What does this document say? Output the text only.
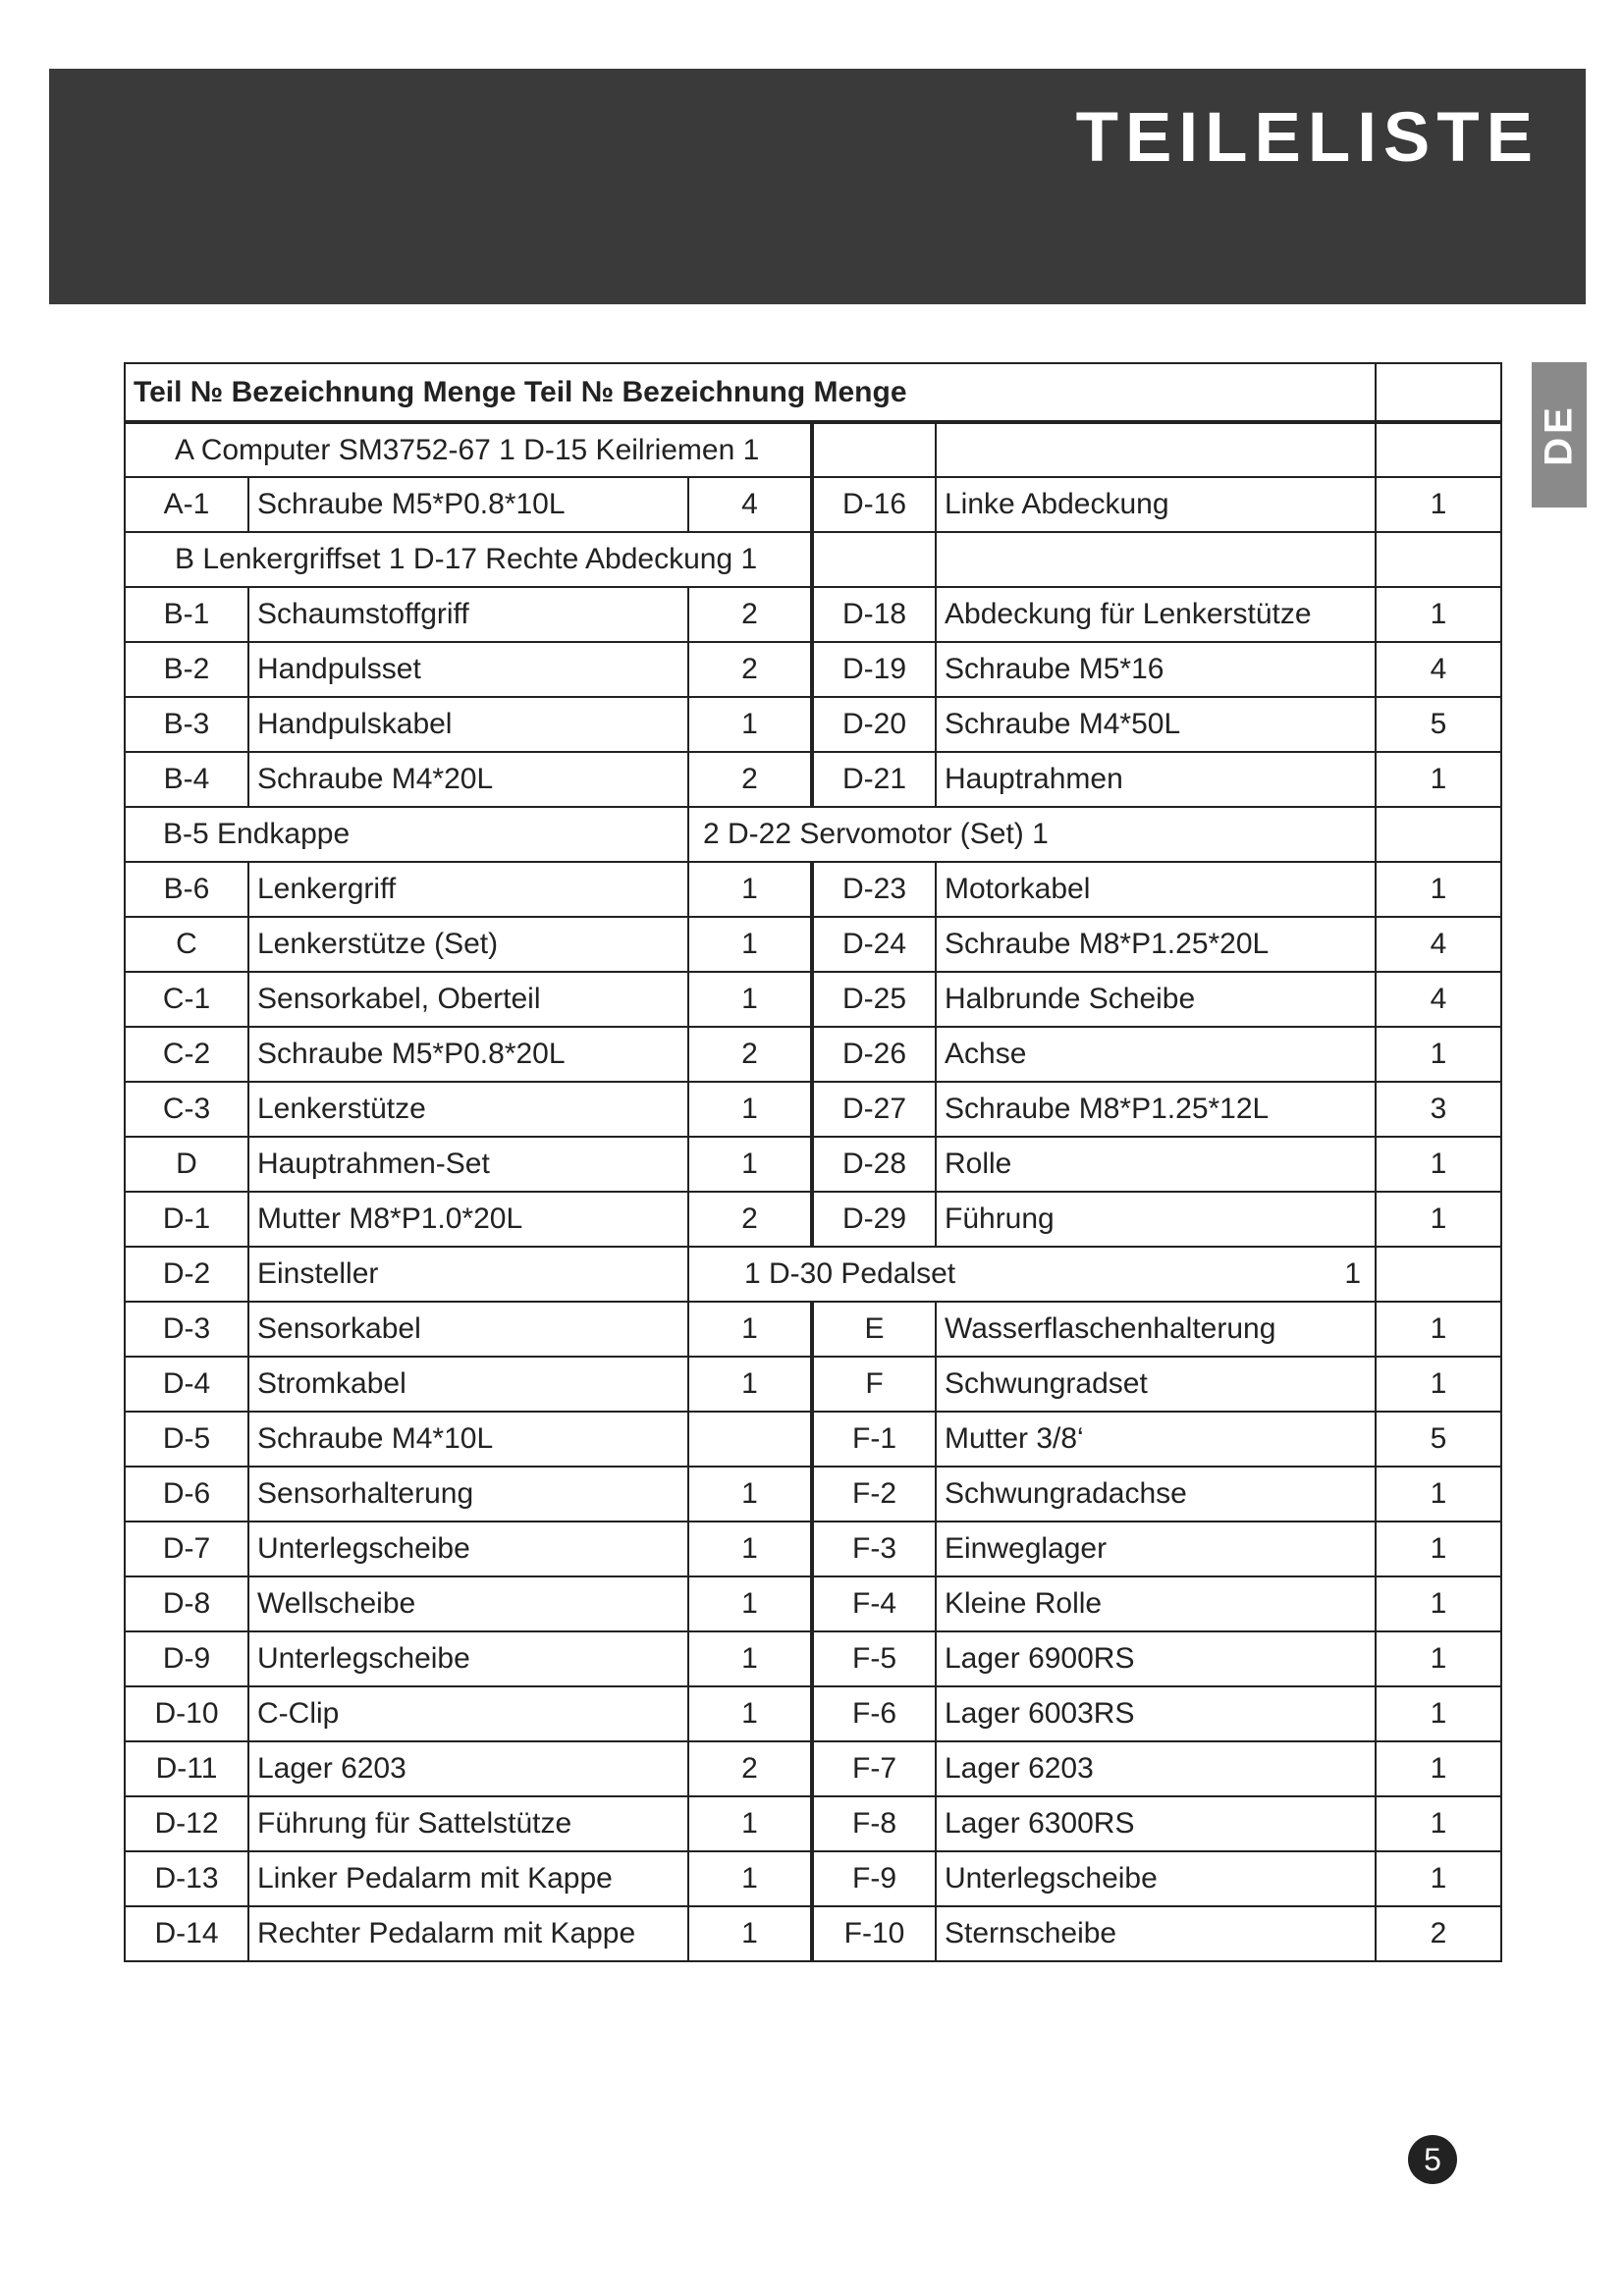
TEILELISTE
DE
Teil № Bezeichnung Menge Teil № Bezeichnung Menge					
A Computer SM3752-67 1 D-15 Keilriemen 1					
A-1	Schraube M5*P0.8*10L	4	D-16	Linke Abdeckung	1
B Lenkergriffset 1 D-17 Rechte Abdeckung 1					
B-1	Schaumstoffgriff	2	D-18	Abdeckung für Lenkerstütze	1
B-2	Handpulsset	2	D-19	Schraube M5*16	4
B-3	Handpulskabel	1	D-20	Schraube M4*50L	5
B-4	Schraube M4*20L	2	D-21	Hauptrahmen	1
B-5 Endkappe		2 D-22 Servomotor (Set) 1			
B-6	Lenkergriff	1	D-23	Motorkabel	1
C	Lenkerstütze (Set)	1	D-24	Schraube M8*P1.25*20L	4
C-1	Sensorkabel, Oberteil	1	D-25	Halbrunde Scheibe	4
C-2	Schraube M5*P0.8*20L	2	D-26	Achse	1
C-3	Lenkerstütze	1	D-27	Schraube M8*P1.25*12L	3
D	Hauptrahmen-Set	1	D-28	Rolle	1
D-1	Mutter M8*P1.0*20L	2	D-29	Führung	1
D-2	Einsteller	1 D-30 Pedalset 1			

D-3	Sensorkabel	1	E	Wasserflaschenhalterung	1
D-4	Stromkabel	1	F	Schwungradset	1
D-5	Schraube M4*10L		F-1	Mutter 3/8‘	5
D-6	Sensorhalterung	1	F-2	Schwungradachse	1
D-7	Unterlegscheibe	1	F-3	Einweglager	1
D-8	Wellscheibe	1	F-4	Kleine Rolle	1
D-9	Unterlegscheibe	1	F-5	Lager 6900RS	1
D-10	C-Clip	1	F-6	Lager 6003RS	1
D-11	Lager 6203	2	F-7	Lager 6203	1
D-12	Führung für Sattelstütze	1	F-8	Lager 6300RS	1
D-13	Linker Pedalarm mit Kappe	1	F-9	Unterlegscheibe	1
D-14	Rechter Pedalarm mit Kappe	1	F-10	Sternscheibe	2
5
